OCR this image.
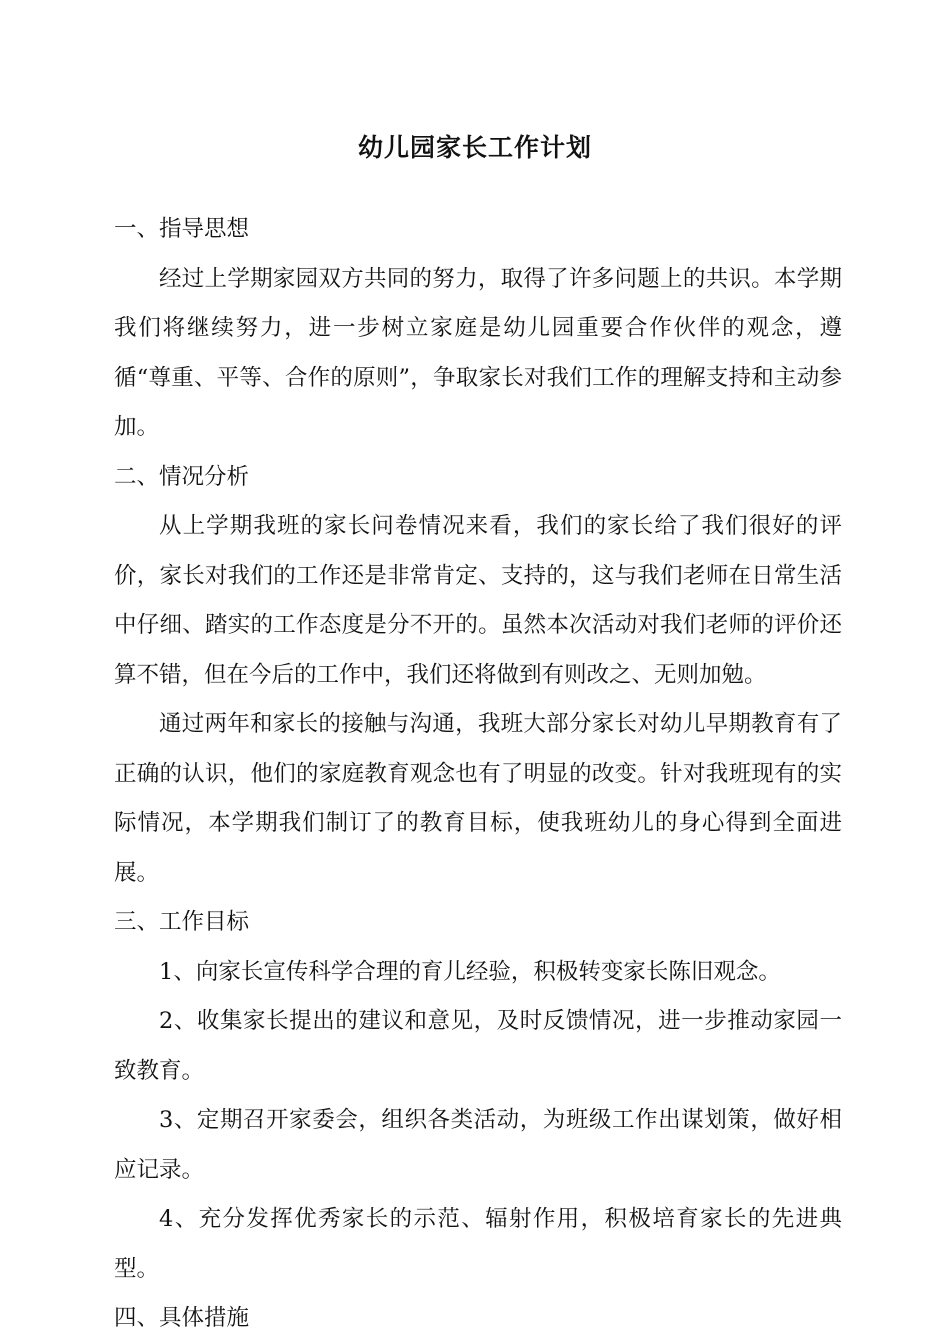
幼儿园家长工作计划

一、指导思想

经过上学期家园双方共同的努力，取得了许多问题上的共识。本学期我们将继续努力，进一步树立家庭是幼儿园重要合作伙伴的观念，遵循“尊重、平等、合作的原则”，争取家长对我们工作的理解支持和主动参加。

二、情况分析

从上学期我班的家长问卷情况来看，我们的家长给了我们很好的评价，家长对我们的工作还是非常肯定、支持的，这与我们老师在日常生活中仔细、踏实的工作态度是分不开的。虽然本次活动对我们老师的评价还算不错，但在今后的工作中，我们还将做到有则改之、无则加勉。

通过两年和家长的接触与沟通，我班大部分家长对幼儿早期教育有了正确的认识，他们的家庭教育观念也有了明显的改变。针对我班现有的实际情况，本学期我们制订了的教育目标，使我班幼儿的身心得到全面进展。

三、工作目标

1、向家长宣传科学合理的育儿经验，积极转变家长陈旧观念。

2、收集家长提出的建议和意见，及时反馈情况，进一步推动家园一致教育。

3、定期召开家委会，组织各类活动，为班级工作出谋划策，做好相应记录。

4、充分发挥优秀家长的示范、辐射作用，积极培育家长的先进典型。

四、具体措施
